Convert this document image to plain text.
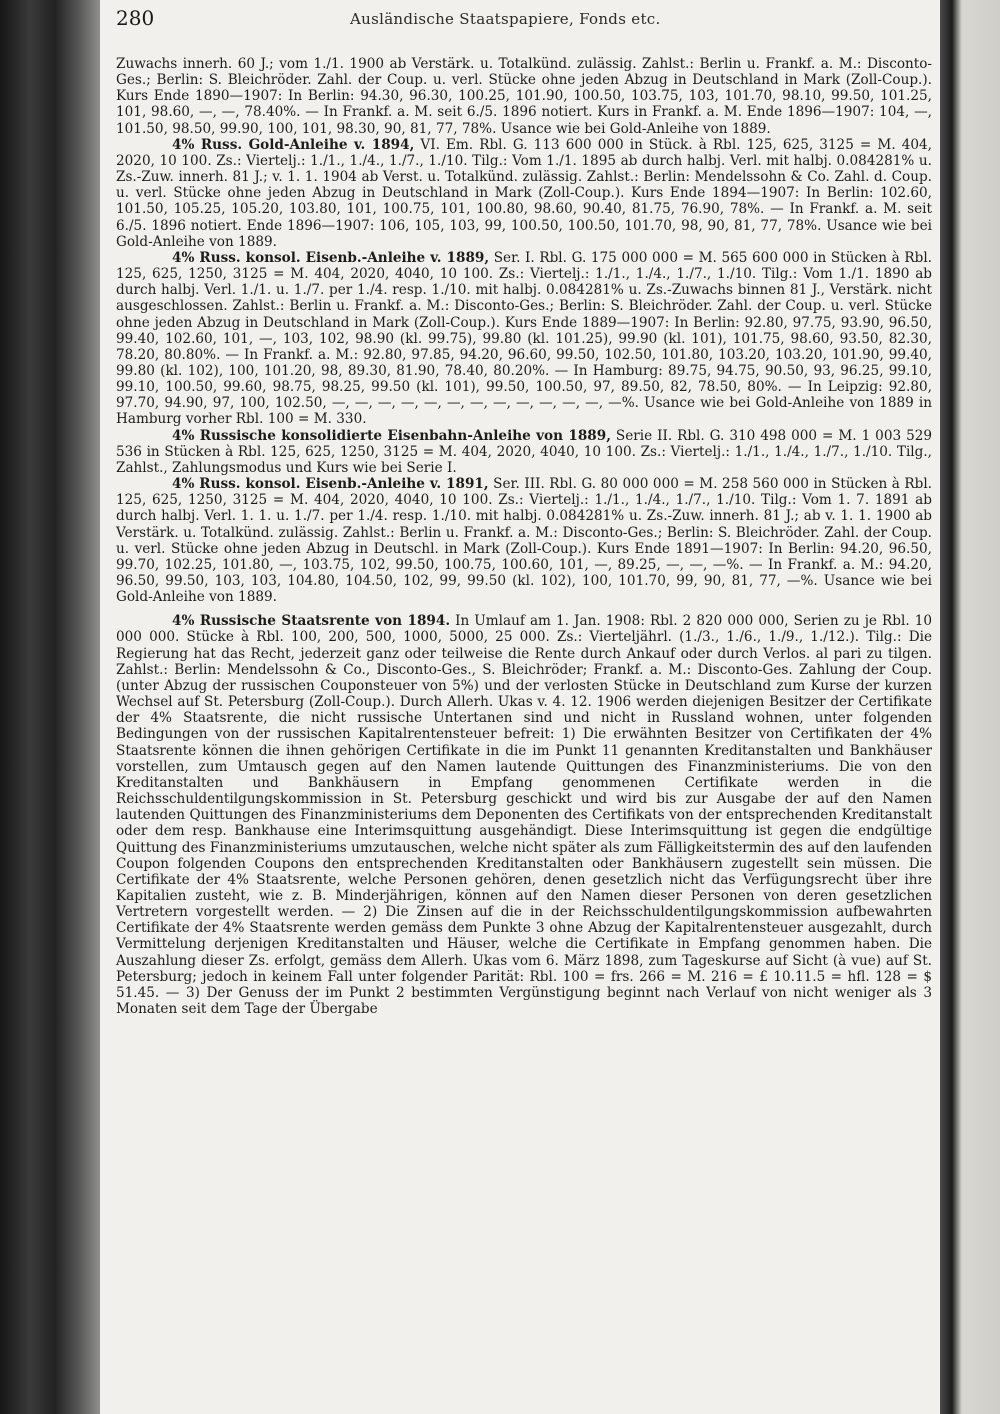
280	Ausländische Staatspapiere, Fonds etc.

Zuwachs innerh. 60 J.; vom 1./1. 1900 ab Verstärk. u. Totalkünd. zulässig. Zahlst.: Berlin u. Frankf. a. M.: Disconto-Ges.; Berlin: S. Bleichröder. Zahl. der Coup. u. verl. Stücke ohne jeden Abzug in Deutschland in Mark (Zoll-Coup.). Kurs Ende 1890—1907: In Berlin: 94.30, 96.30, 100.25, 101.90, 100.50, 103.75, 103, 101.70, 98.10, 99.50, 101.25, 101, 98.60, —, —, 78.40%. — In Frankf. a. M. seit 6./5. 1896 notiert. Kurs in Frankf. a. M. Ende 1896—1907: 104, —, 101.50, 98.50, 99.90, 100, 101, 98.30, 90, 81, 77, 78%. Usance wie bei Gold-Anleihe von 1889.

4% Russ. Gold-Anleihe v. 1894, VI. Em. Rbl. G. 113 600 000 in Stück. à Rbl. 125, 625, 3125 = M. 404, 2020, 10 100. Zs.: Viertelj.: 1./1., 1./4., 1./7., 1./10. Tilg.: Vom 1./1. 1895 ab durch halbj. Verl. mit halbj. 0.084281% u. Zs.-Zuw. innerh. 81 J.; v. 1. 1. 1904 ab Verst. u. Totalkünd. zulässig. Zahlst.: Berlin: Mendelssohn & Co. Zahl. d. Coup. u. verl. Stücke ohne jeden Abzug in Deutschland in Mark (Zoll-Coup.). Kurs Ende 1894—1907: In Berlin: 102.60, 101.50, 105.25, 105.20, 103.80, 101, 100.75, 101, 100.80, 98.60, 90.40, 81.75, 76.90, 78%. — In Frankf. a. M. seit 6./5. 1896 notiert. Ende 1896—1907: 106, 105, 103, 99, 100.50, 100.50, 101.70, 98, 90, 81, 77, 78%. Usance wie bei Gold-Anleihe von 1889.

4% Russ. konsol. Eisenb.-Anleihe v. 1889, Ser. I. Rbl. G. 175 000 000 = M. 565 600 000 in Stücken à Rbl. 125, 625, 1250, 3125 = M. 404, 2020, 4040, 10 100. Zs.: Viertelj.: 1./1., 1./4., 1./7., 1./10. Tilg.: Vom 1./1. 1890 ab durch halbj. Verl. 1./1. u. 1./7. per 1./4. resp. 1./10. mit halbj. 0.084281% u. Zs.-Zuwachs binnen 81 J., Verstärk. nicht ausgeschlossen. Zahlst.: Berlin u. Frankf. a. M.: Disconto-Ges.; Berlin: S. Bleichröder. Zahl. der Coup. u. verl. Stücke ohne jeden Abzug in Deutschland in Mark (Zoll-Coup.). Kurs Ende 1889—1907: In Berlin: 92.80, 97.75, 93.90, 96.50, 99.40, 102.60, 101, —, 103, 102, 98.90 (kl. 99.75), 99.80 (kl. 101.25), 99.90 (kl. 101), 101.75, 98.60, 93.50, 82.30, 78.20, 80.80%. — In Frankf. a. M.: 92.80, 97.85, 94.20, 96.60, 99.50, 102.50, 101.80, 103.20, 103.20, 101.90, 99.40, 99.80 (kl. 102), 100, 101.20, 98, 89.30, 81.90, 78.40, 80.20%. — In Hamburg: 89.75, 94.75, 90.50, 93, 96.25, 99.10, 99.10, 100.50, 99.60, 98.75, 98.25, 99.50 (kl. 101), 99.50, 100.50, 97, 89.50, 82, 78.50, 80%. — In Leipzig: 92.80, 97.70, 94.90, 97, 100, 102.50, —, —, —, —, —, —, —, —, —, —, —, —, —%. Usance wie bei Gold-Anleihe von 1889 in Hamburg vorher Rbl. 100 = M. 330.

4% Russische konsolidierte Eisenbahn-Anleihe von 1889, Serie II. Rbl. G. 310 498 000 = M. 1 003 529 536 in Stücken à Rbl. 125, 625, 1250, 3125 = M. 404, 2020, 4040, 10 100. Zs.: Viertelj.: 1./1., 1./4., 1./7., 1./10. Tilg., Zahlst., Zahlungsmodus und Kurs wie bei Serie I.

4% Russ. konsol. Eisenb.-Anleihe v. 1891, Ser. III. Rbl. G. 80 000 000 = M. 258 560 000 in Stücken à Rbl. 125, 625, 1250, 3125 = M. 404, 2020, 4040, 10 100. Zs.: Viertelj.: 1./1., 1./4., 1./7., 1./10. Tilg.: Vom 1. 7. 1891 ab durch halbj. Verl. 1. 1. u. 1./7. per 1./4. resp. 1./10. mit halbj. 0.084281% u. Zs.-Zuw. innerh. 81 J.; ab v. 1. 1. 1900 ab Verstärk. u. Totalkünd. zulässig. Zahlst.: Berlin u. Frankf. a. M.: Disconto-Ges.; Berlin: S. Bleichröder. Zahl. der Coup. u. verl. Stücke ohne jeden Abzug in Deutschl. in Mark (Zoll-Coup.). Kurs Ende 1891—1907: In Berlin: 94.20, 96.50, 99.70, 102.25, 101.80, —, 103.75, 102, 99.50, 100.75, 100.60, 101, —, 89.25, —, —, —%. — In Frankf. a. M.: 94.20, 96.50, 99.50, 103, 103, 104.80, 104.50, 102, 99, 99.50 (kl. 102), 100, 101.70, 99, 90, 81, 77, —%. Usance wie bei Gold-Anleihe von 1889.

4% Russische Staatsrente von 1894. In Umlauf am 1. Jan. 1908: Rbl. 2 820 000 000, Serien zu je Rbl. 10 000 000. Stücke à Rbl. 100, 200, 500, 1000, 5000, 25 000. Zs.: Vierteljährl. (1./3., 1./6., 1./9., 1./12.). Tilg.: Die Regierung hat das Recht, jederzeit ganz oder teilweise die Rente durch Ankauf oder durch Verlos. al pari zu tilgen. Zahlst.: Berlin: Mendelssohn & Co., Disconto-Ges., S. Bleichröder; Frankf. a. M.: Disconto-Ges. Zahlung der Coup. (unter Abzug der russischen Couponsteuer von 5%) und der verlosten Stücke in Deutschland zum Kurse der kurzen Wechsel auf St. Petersburg (Zoll-Coup.). Durch Allerh. Ukas v. 4. 12. 1906 werden diejenigen Besitzer der Certifikate der 4% Staatsrente, die nicht russische Untertanen sind und nicht in Russland wohnen, unter folgenden Bedingungen von der russischen Kapitalrentensteuer befreit: 1) Die erwähnten Besitzer von Certifikaten der 4% Staatsrente können die ihnen gehörigen Certifikate in die im Punkt 11 genannten Kreditanstalten und Bankhäuser vorstellen, zum Umtausch gegen auf den Namen lautende Quittungen des Finanzministeriums. Die von den Kreditanstalten und Bankhäusern in Empfang genommenen Certifikate werden in die Reichsschuldentilgungskommission in St. Petersburg geschickt und wird bis zur Ausgabe der auf den Namen lautenden Quittungen des Finanzministeriums dem Deponenten des Certifikats von der entsprechenden Kreditanstalt oder dem resp. Bankhause eine Interimsquittung ausgehändigt. Diese Interimsquittung ist gegen die endgültige Quittung des Finanzministeriums umzutauschen, welche nicht später als zum Fälligkeitstermin des auf den laufenden Coupon folgenden Coupons den entsprechenden Kreditanstalten oder Bankhäusern zugestellt sein müssen. Die Certifikate der 4% Staatsrente, welche Personen gehören, denen gesetzlich nicht das Verfügungsrecht über ihre Kapitalien zusteht, wie z. B. Minderjährigen, können auf den Namen dieser Personen von deren gesetzlichen Vertretern vorgestellt werden. — 2) Die Zinsen auf die in der Reichsschuldentilgungskommission aufbewahrten Certifikate der 4% Staatsrente werden gemäss dem Punkte 3 ohne Abzug der Kapitalrentensteuer ausgezahlt, durch Vermittelung derjenigen Kreditanstalten und Häuser, welche die Certifikate in Empfang genommen haben. Die Auszahlung dieser Zs. erfolgt, gemäss dem Allerh. Ukas vom 6. März 1898, zum Tageskurse auf Sicht (à vue) auf St. Petersburg; jedoch in keinem Fall unter folgender Parität: Rbl. 100 = frs. 266 = M. 216 = £ 10.11.5 = hfl. 128 = $ 51.45. — 3) Der Genuss der im Punkt 2 bestimmten Vergünstigung beginnt nach Verlauf von nicht weniger als 3 Monaten seit dem Tage der Übergabe
